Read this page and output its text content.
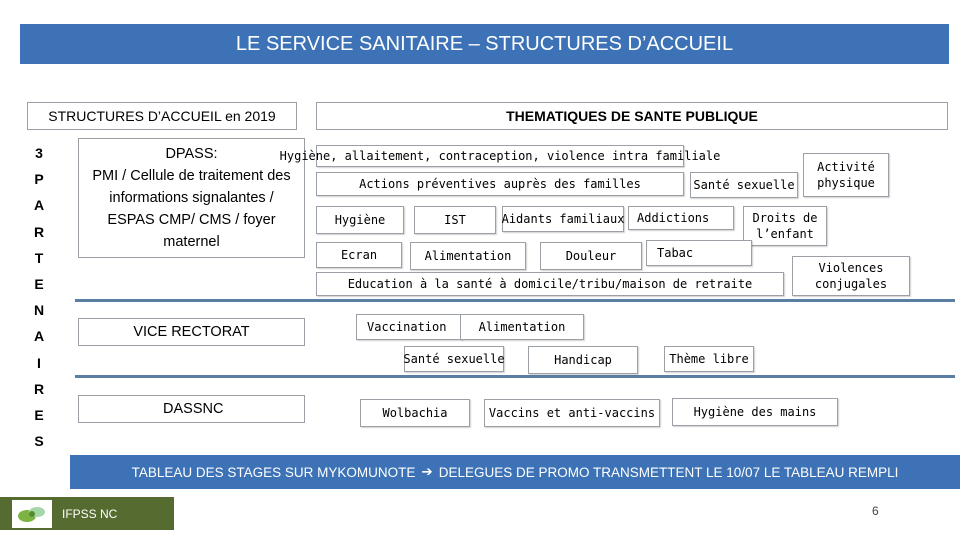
LE SERVICE SANITAIRE – STRUCTURES D’ACCUEIL
STRUCTURES D’ACCUEIL en 2019
3
P
A
R
T
E
N
A
I
R
E
S
DPASS:
PMI / Cellule de traitement des informations signalantes / ESPAS CMP/ CMS / foyer maternel
VICE RECTORAT
DASSNC
THEMATIQUES DE SANTE PUBLIQUE
Hygiène, allaitement, contraception, violence intra familiale
Actions préventives auprès des familles	Santé sexuelle
Activité physique
Hygiène	IST	Aidants familiaux Addictions	Droits de l’enfant
Ecran	Alimentation	Douleur	Tabac
Violences conjugales
Education à la santé à domicile/tribu/maison de retraite
Vaccination	Alimentation
Santé sexuelle	Handicap	Thème libre
Wolbachia	Vaccins et anti-vaccins	Hygiène des mains
TABLEAU DES STAGES SUR MYKOMUNOTE ➔ DELEGUES DE PROMO TRANSMETTENT LE 10/07 LE TABLEAU REMPLI
IFPSS NC	6
